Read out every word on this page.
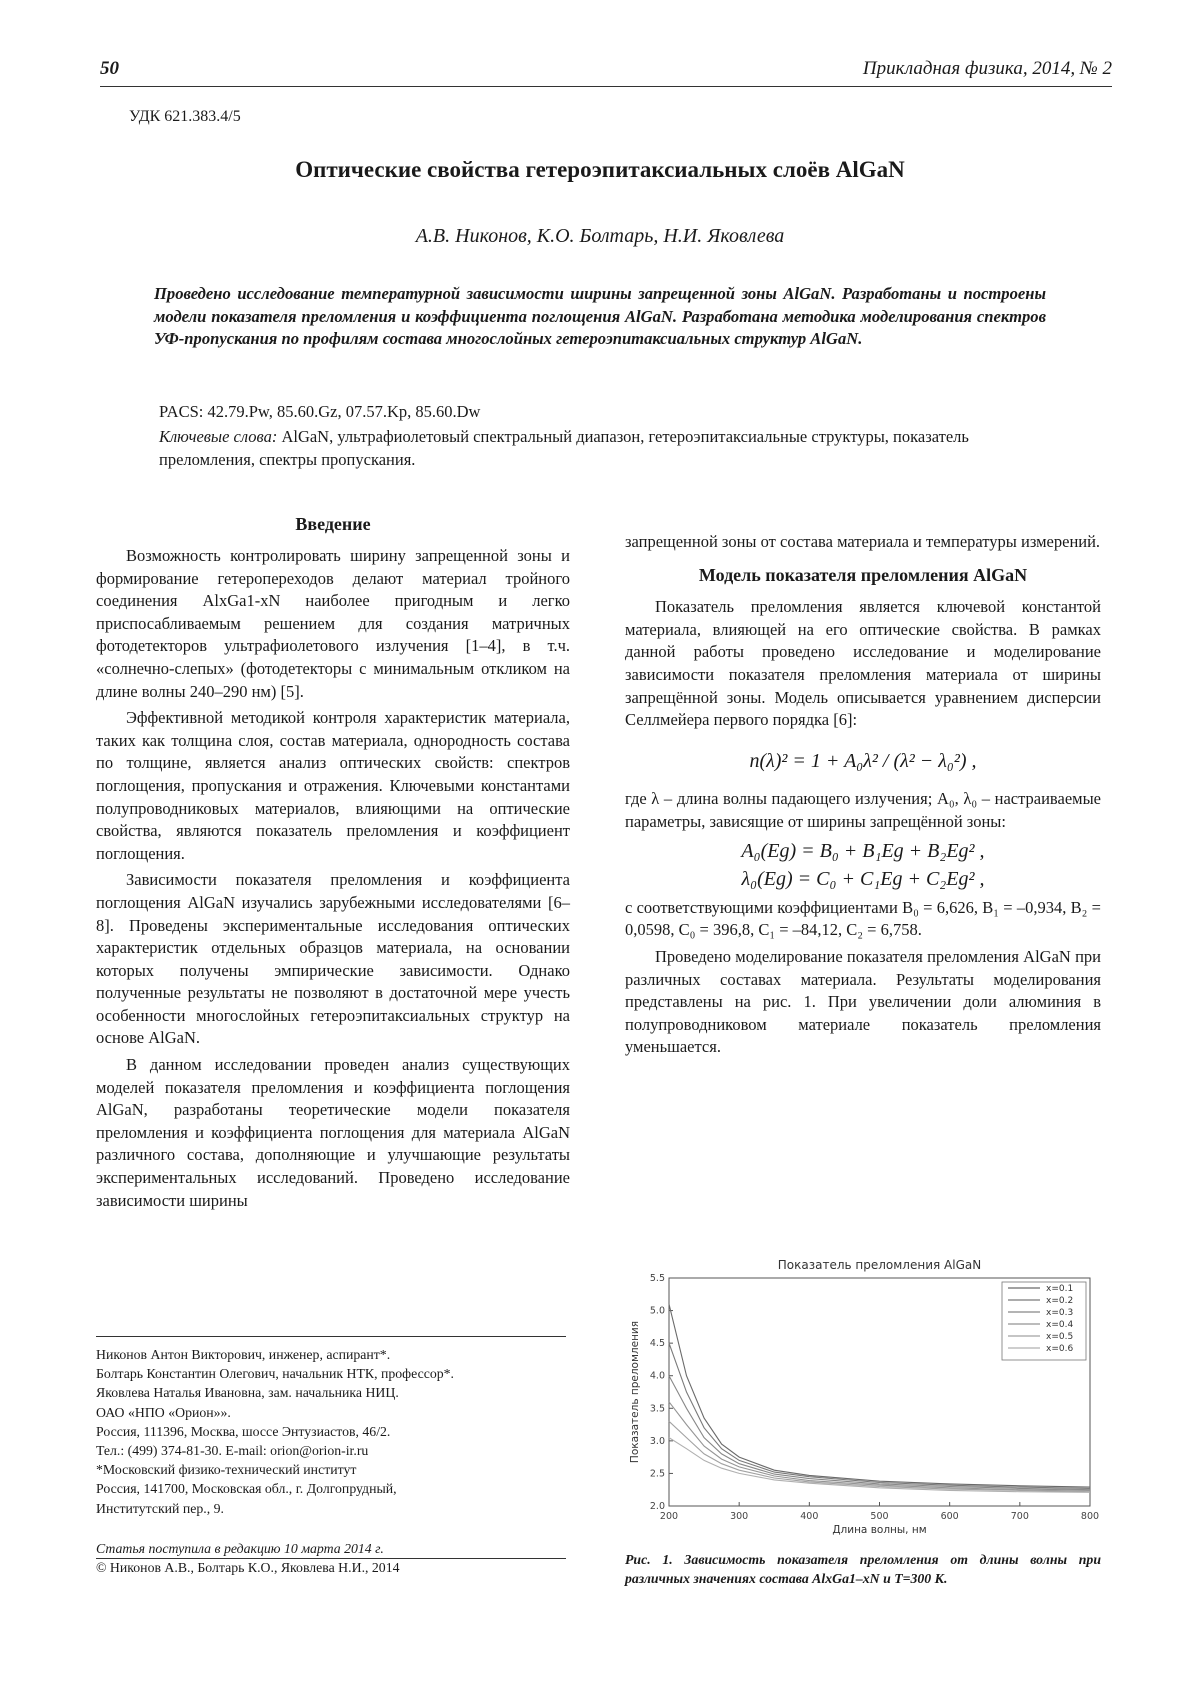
50	Прикладная физика, 2014, № 2
УДК 621.383.4/5
Оптические свойства гетероэпитаксиальных слоёв AlGaN
А.В. Никонов, К.О. Болтарь, Н.И. Яковлева
Проведено исследование температурной зависимости ширины запрещенной зоны AlGaN. Разработаны и построены модели показателя преломления и коэффициента поглощения AlGaN. Разработана методика моделирования спектров УФ-пропускания по профилям состава многослойных гетероэпитаксиальных структур AlGaN.
PACS: 42.79.Pw, 85.60.Gz, 07.57.Kp, 85.60.Dw
Ключевые слова: AlGaN, ультрафиолетовый спектральный диапазон, гетероэпитаксиальные структуры, показатель преломления, спектры пропускания.
Введение

Возможность контролировать ширину запрещенной зоны и формирование гетеропереходов делают материал тройного соединения AlxGa1-xN наиболее пригодным и легко приспосабливаемым решением для создания матричных фотодетекторов ультрафиолетового излучения [1–4], в т.ч. «солнечно-слепых» (фотодетекторы с минимальным откликом на длине волны 240–290 нм) [5].

Эффективной методикой контроля характеристик материала, таких как толщина слоя, состав материала, однородность состава по толщине, является анализ оптических свойств: спектров поглощения, пропускания и отражения. Ключевыми константами полупроводниковых материалов, влияющими на оптические свойства, являются показатель преломления и коэффициент поглощения.

Зависимости показателя преломления и коэффициента поглощения AlGaN изучались зарубежными исследователями [6–8]. Проведены экспериментальные исследования оптических характеристик отдельных образцов материала, на основании которых получены эмпирические зависимости. Однако полученные результаты не позволяют в достаточной мере учесть особенности многослойных гетероэпитаксиальных структур на основе AlGaN.

В данном исследовании проведен анализ существующих моделей показателя преломления и коэффициента поглощения AlGaN, разработаны теоретические модели показателя преломления и коэффициента поглощения для материала AlGaN различного состава, дополняющие и улучшающие результаты экспериментальных исследований. Проведено исследование зависимости ширины

Никонов Антон Викторович, инженер, аспирант*.
Болтарь Константин Олегович, начальник НТК, профессор*.
Яковлева Наталья Ивановна, зам. начальника НИЦ.
ОАО «НПО «Орион»».
Россия, 111396, Москва, шоссе Энтузиастов, 46/2.
Тел.: (499) 374-81-30. E-mail: orion@orion-ir.ru
*Московский физико-технический институт
Россия, 141700, Московская обл., г. Долгопрудный,
Институтский пер., 9.
Статья поступила в редакцию 10 марта 2014 г.
© Никонов А.В., Болтарь К.О., Яковлева Н.И., 2014

запрещенной зоны от состава материала и температуры измерений.

Модель показателя преломления AlGaN

Показатель преломления является ключевой константой материала, влияющей на его оптические свойства. В рамках данной работы проведено исследование и моделирование зависимости показателя преломления материала от ширины запрещённой зоны. Модель описывается уравнением дисперсии Селлмейера первого порядка [6]:

n(λ)² = 1 + A₀λ² / (λ² − λ₀²) ,

где λ – длина волны падающего излучения; A₀, λ₀ – настраиваемые параметры, зависящие от ширины запрещённой зоны:

A₀(Eg) = B₀ + B₁Eg + B₂Eg² ,
λ₀(Eg) = C₀ + C₁Eg + C₂Eg² ,

с соответствующими коэффициентами B₀ = 6,626, B₁ = –0,934, B₂ = 0,0598, C₀ = 396,8, C₁ = –84,12, C₂ = 6,758.

Проведено моделирование показателя преломления AlGaN при различных составах материала. Результаты моделирования представлены на рис. 1. При увеличении доли алюминия в полупроводниковом материале показатель преломления уменьшается.

Показатель преломления AlGaN
200	300	400	500	600	700	800
2.0
2.5
3.0
3.5
4.0
4.5
5.0
5.5
Длина волны, нм
Показатель преломления
x=0.1
x=0.2
x=0.3
x=0.4
x=0.5
x=0.6
Рис. 1. Зависимость показателя преломления от длины волны при различных значениях состава AlxGa1–xN и T=300 К.
